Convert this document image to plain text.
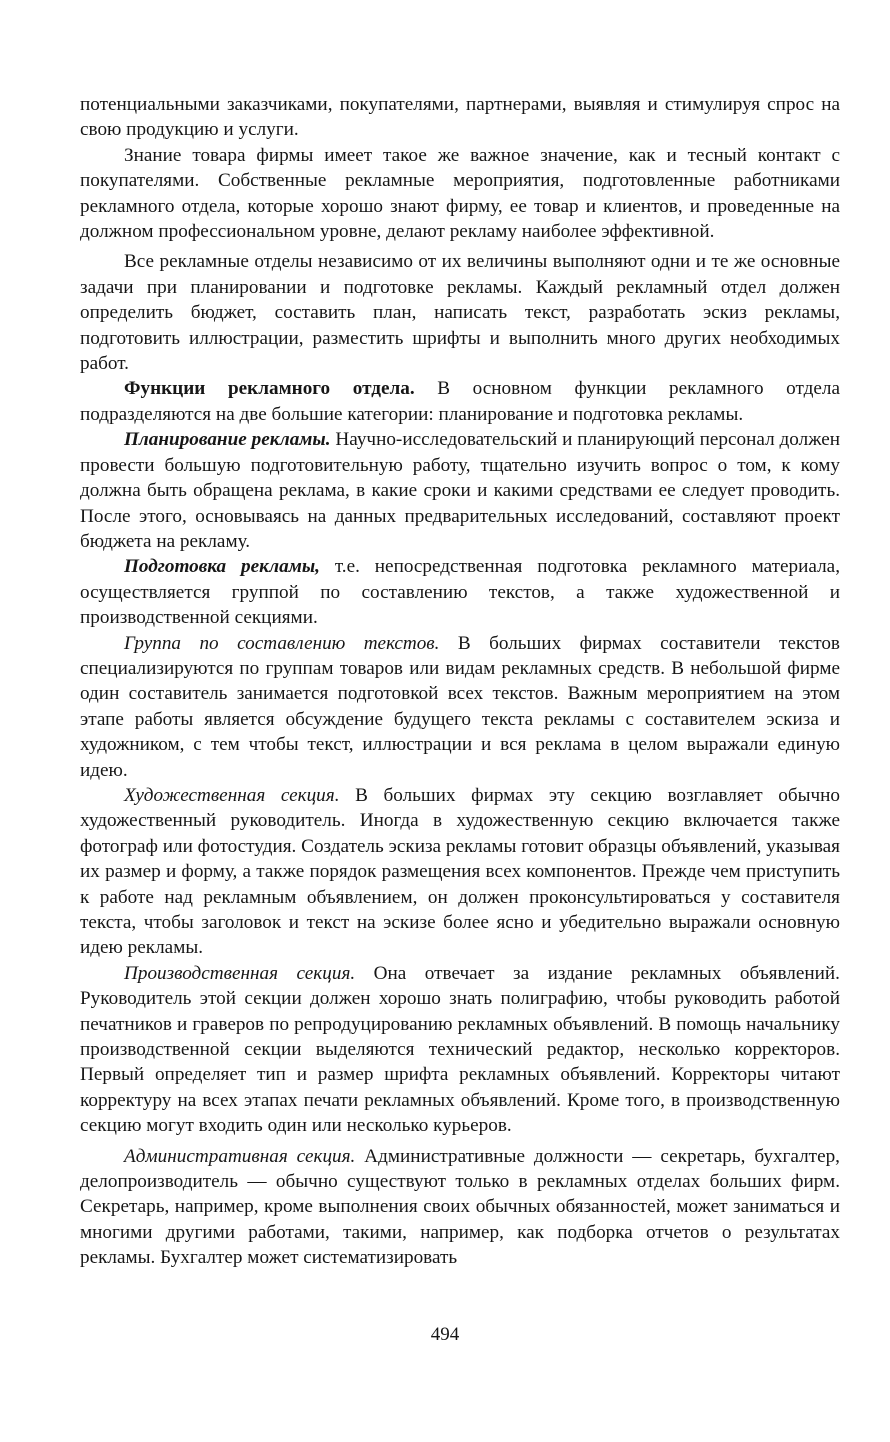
потенциальными заказчиками, покупателями, партнерами, выявляя и стимулируя спрос на свою продукцию и услуги.

Знание товара фирмы имеет такое же важное значение, как и тесный контакт с покупателями. Собственные рекламные мероприятия, подготовленные работниками рекламного отдела, которые хорошо знают фирму, ее товар и клиентов, и проведенные на должном профессиональном уровне, делают рекламу наиболее эффективной.

Все рекламные отделы независимо от их величины выполняют одни и те же основные задачи при планировании и подготовке рекламы. Каждый рекламный отдел должен определить бюджет, составить план, написать текст, разработать эскиз рекламы, подготовить иллюстрации, разместить шрифты и выполнить много других необходимых работ.

Функции рекламного отдела. В основном функции рекламного отдела подразделяются на две большие категории: планирование и подготовка рекламы.

Планирование рекламы. Научно-исследовательский и планирующий персонал должен провести большую подготовительную работу, тщательно изучить вопрос о том, к кому должна быть обращена реклама, в какие сроки и какими средствами ее следует проводить. После этого, основываясь на данных предварительных исследований, составляют проект бюджета на рекламу.

Подготовка рекламы, т.е. непосредственная подготовка рекламного материала, осуществляется группой по составлению текстов, а также художественной и производственной секциями.

Группа по составлению текстов. В больших фирмах составители текстов специализируются по группам товаров или видам рекламных средств. В небольшой фирме один составитель занимается подготовкой всех текстов. Важным мероприятием на этом этапе работы является обсуждение будущего текста рекламы с составителем эскиза и художником, с тем чтобы текст, иллюстрации и вся реклама в целом выражали единую идею.

Художественная секция. В больших фирмах эту секцию возглавляет обычно художественный руководитель. Иногда в художественную секцию включается также фотограф или фотостудия. Создатель эскиза рекламы готовит образцы объявлений, указывая их размер и форму, а также порядок размещения всех компонентов. Прежде чем приступить к работе над рекламным объявлением, он должен проконсультироваться у составителя текста, чтобы заголовок и текст на эскизе более ясно и убедительно выражали основную идею рекламы.

Производственная секция. Она отвечает за издание рекламных объявлений. Руководитель этой секции должен хорошо знать полиграфию, чтобы руководить работой печатников и граверов по репродуцированию рекламных объявлений. В помощь начальнику производственной секции выделяются технический редактор, несколько корректоров. Первый определяет тип и размер шрифта рекламных объявлений. Корректоры читают корректуру на всех этапах печати рекламных объявлений. Кроме того, в производственную секцию могут входить один или несколько курьеров.

Административная секция. Административные должности — секретарь, бухгалтер, делопроизводитель — обычно существуют только в рекламных отделах больших фирм. Секретарь, например, кроме выполнения своих обычных обязанностей, может заниматься и многими другими работами, такими, например, как подборка отчетов о результатах рекламы. Бухгалтер может систематизировать

494
